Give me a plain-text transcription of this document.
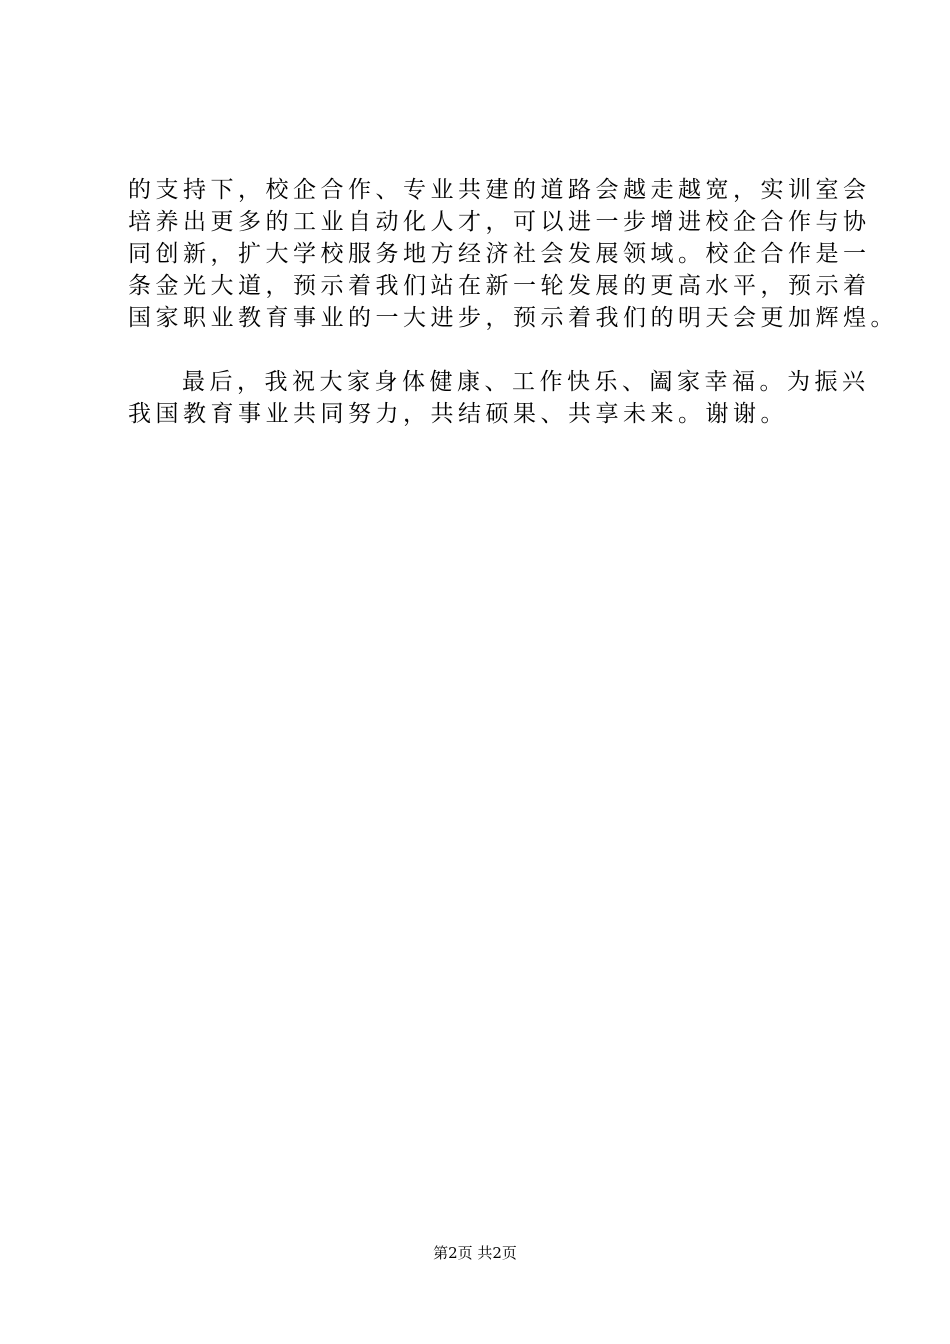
的支持下，校企合作、专业共建的道路会越走越宽，实训室会
培养出更多的工业自动化人才，可以进一步增进校企合作与协
同创新，扩大学校服务地方经济社会发展领域。校企合作是一
条金光大道，预示着我们站在新一轮发展的更高水平，预示着
国家职业教育事业的一大进步，预示着我们的明天会更加辉煌。
最后，我祝大家身体健康、工作快乐、阖家幸福。为振兴
我国教育事业共同努力，共结硕果、共享未来。谢谢。
第2页 共2页
